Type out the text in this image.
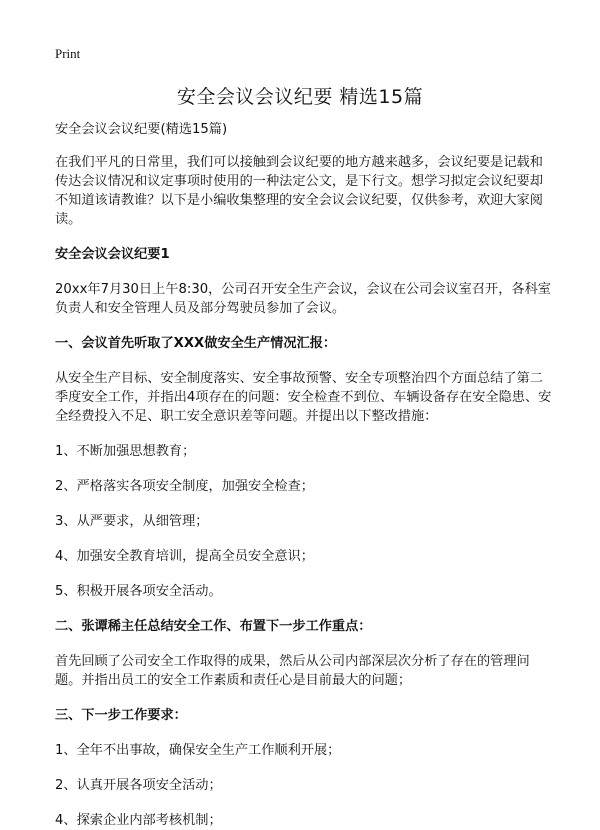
Print
安全会议会议纪要 精选15篇

安全会议会议纪要(精选15篇)

在我们平凡的日常里，我们可以接触到会议纪要的地方越来越多，会议纪要是记载和传达会议情况和议定事项时使用的一种法定公文，是下行文。想学习拟定会议纪要却不知道该请教谁？以下是小编收集整理的安全会议会议纪要，仅供参考，欢迎大家阅读。

安全会议会议纪要1

20xx年7月30日上午8:30，公司召开安全生产会议，会议在公司会议室召开，各科室负责人和安全管理人员及部分驾驶员参加了会议。

一、会议首先听取了XXX做安全生产情况汇报：

从安全生产目标、安全制度落实、安全事故预警、安全专项整治四个方面总结了第二季度安全工作，并指出4项存在的问题：安全检查不到位、车辆设备存在安全隐患、安全经费投入不足、职工安全意识差等问题。并提出以下整改措施：

1、不断加强思想教育；

2、严格落实各项安全制度，加强安全检查；

3、从严要求，从细管理；

4、加强安全教育培训，提高全员安全意识；

5、积极开展各项安全活动。

二、张谭稀主任总结安全工作、布置下一步工作重点：

首先回顾了公司安全工作取得的成果，然后从公司内部深层次分析了存在的管理问题。并指出员工的安全工作素质和责任心是目前最大的问题；

三、下一步工作要求：

1、全年不出事故，确保安全生产工作顺利开展；

2、认真开展各项安全活动；

4、探索企业内部考核机制；
